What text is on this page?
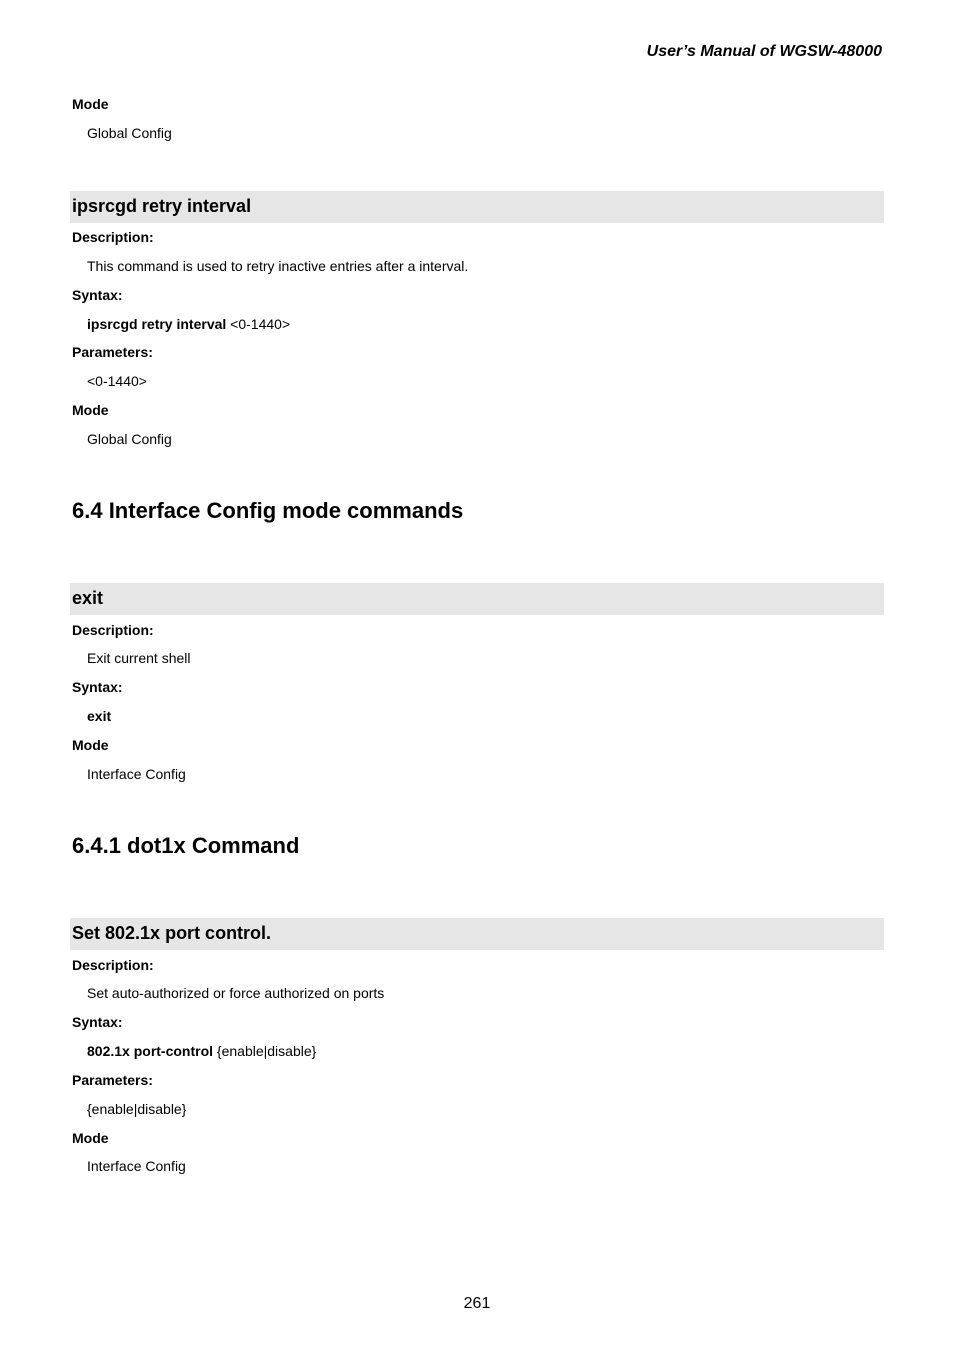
User’s Manual of WGSW-48000
Mode
Global Config
ipsrcgd retry interval
Description:
This command is used to retry inactive entries after a interval.
Syntax:
ipsrcgd retry interval <0-1440>
Parameters:
<0-1440>
Mode
Global Config
6.4 Interface Config mode commands
exit
Description:
Exit current shell
Syntax:
exit
Mode
Interface Config
6.4.1 dot1x Command
Set 802.1x port control.
Description:
Set auto-authorized or force authorized on ports
Syntax:
802.1x port-control {enable|disable}
Parameters:
{enable|disable}
Mode
Interface Config
261
